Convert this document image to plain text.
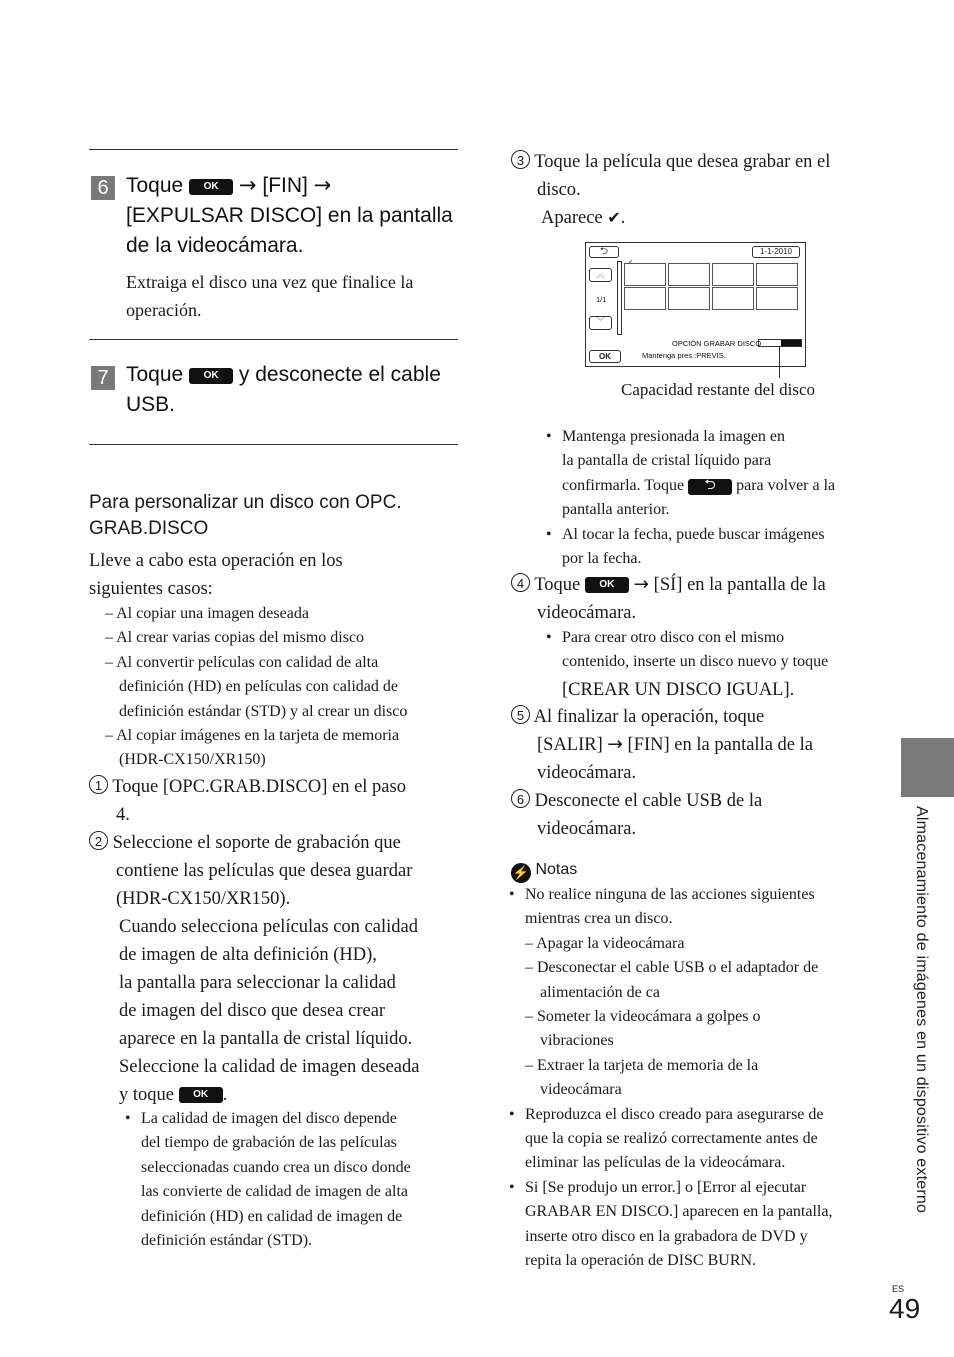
6 Toque OK → [FIN] →
[EXPULSAR DISCO] en la pantalla
de la videocámara.
Extraiga el disco una vez que finalice la
operación.
7 Toque OK y desconecte el cable
USB.
Para personalizar un disco con OPC.
GRAB.DISCO
Lleve a cabo esta operación en los
siguientes casos:
– Al copiar una imagen deseada
– Al crear varias copias del mismo disco
– Al convertir películas con calidad de alta
definición (HD) en películas con calidad de
definición estándar (STD) y al crear un disco
– Al copiar imágenes en la tarjeta de memoria
(HDR-CX150/XR150)
1 Toque [OPC.GRAB.DISCO] en el paso
4.
2 Seleccione el soporte de grabación que
contiene las películas que desea guardar
(HDR-CX150/XR150).
Cuando selecciona películas con calidad
de imagen de alta definición (HD),
la pantalla para seleccionar la calidad
de imagen del disco que desea crear
aparece en la pantalla de cristal líquido.
Seleccione la calidad de imagen deseada
y toque OK .
• La calidad de imagen del disco depende
del tiempo de grabación de las películas
seleccionadas cuando crea un disco donde
las convierte de calidad de imagen de alta
definición (HD) en calidad de imagen de
definición estándar (STD).
3 Toque la película que desea grabar en el
disco.
Aparece ✔.
⮌	1-1-2010
︿
1/1
﹀
OPCIÓN GRABAR DISCO
OK	Mantenga pres.:PREVIS.
Capacidad restante del disco
• Mantenga presionada la imagen en
la pantalla de cristal líquido para
confirmarla. Toque ⮌ para volver a la
pantalla anterior.
• Al tocar la fecha, puede buscar imágenes
por la fecha.
4 Toque OK → [SÍ] en la pantalla de la
videocámara.
• Para crear otro disco con el mismo
contenido, inserte un disco nuevo y toque
[CREAR UN DISCO IGUAL].
5 Al finalizar la operación, toque
[SALIR] → [FIN] en la pantalla de la
videocámara.
6 Desconecte el cable USB de la
videocámara.
⚡ Notas
• No realice ninguna de las acciones siguientes
mientras crea un disco.
– Apagar la videocámara
– Desconectar el cable USB o el adaptador de
alimentación de ca
– Someter la videocámara a golpes o
vibraciones
– Extraer la tarjeta de memoria de la
videocámara
• Reproduzca el disco creado para asegurarse de
que la copia se realizó correctamente antes de
eliminar las películas de la videocámara.
• Si [Se produjo un error.] o [Error al ejecutar
GRABAR EN DISCO.] aparecen en la pantalla,
inserte otro disco en la grabadora de DVD y
repita la operación de DISC BURN.
Almacenamiento de imágenes en un dispositivo externo
ES
49
